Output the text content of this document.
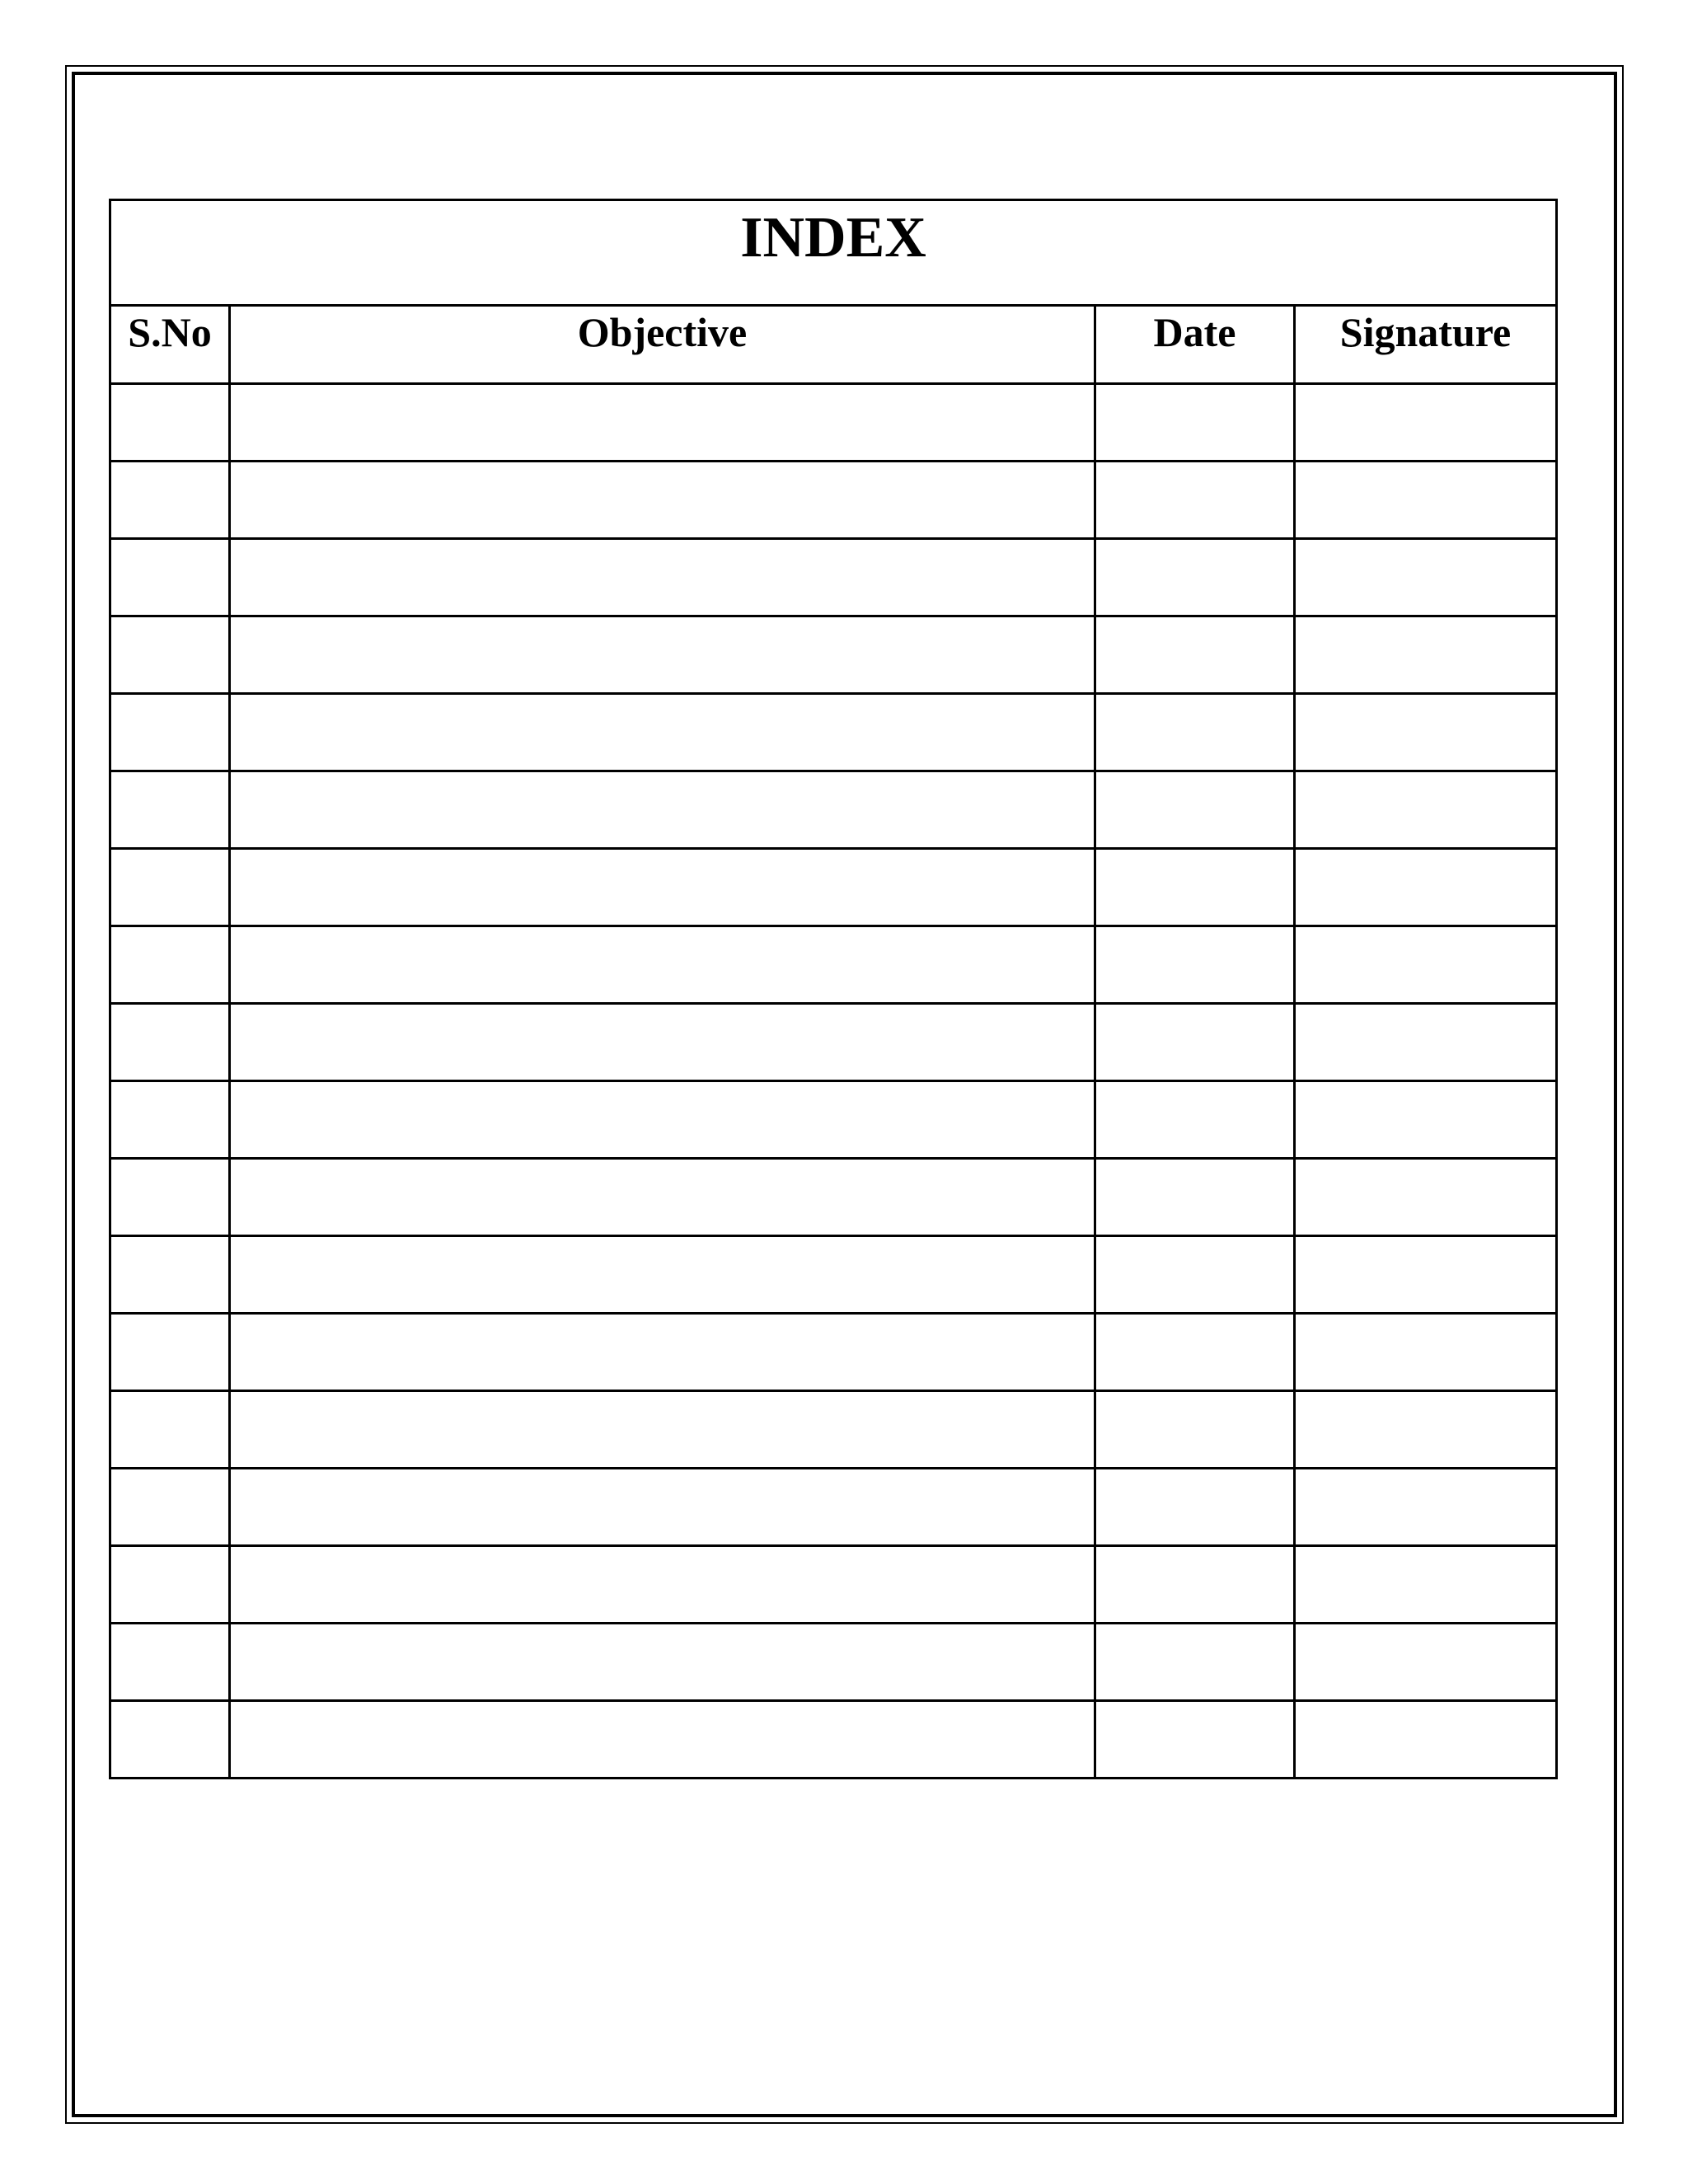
INDEX			
S.No	Objective	Date	Signature
